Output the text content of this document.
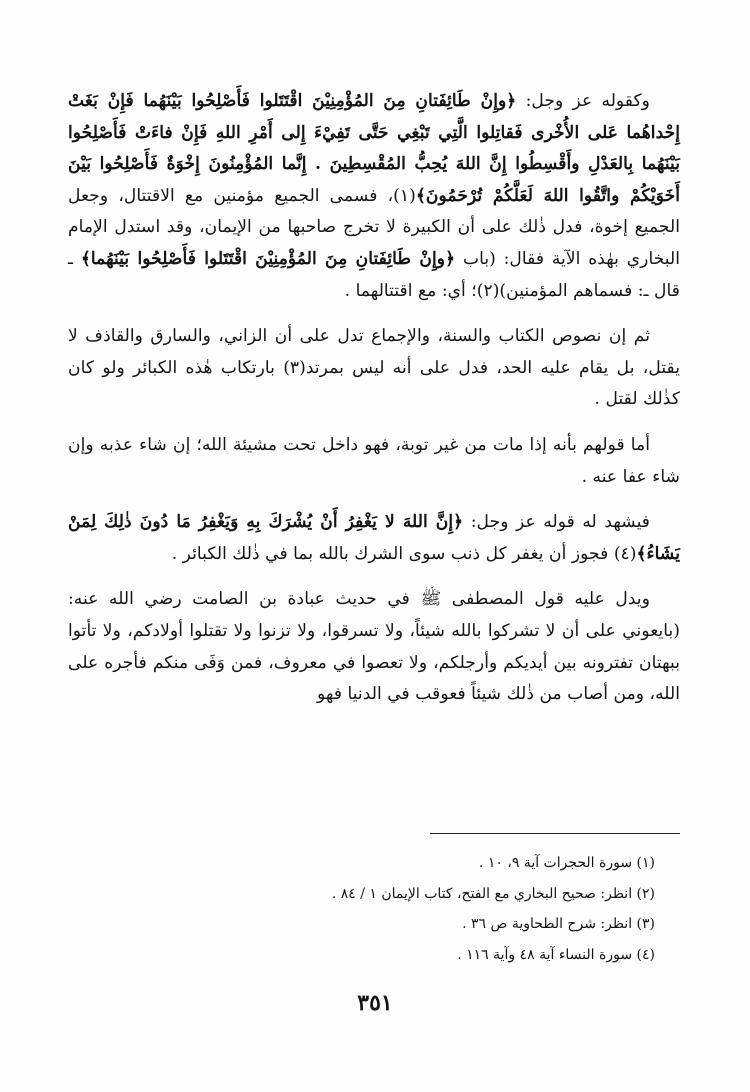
وكقوله عز وجل: ﴿وإِنْ طَائِفَتانِ مِنَ المُؤْمِنِيْنَ اقْتَتَلوا فَأَصْلِحُوا بَيْنَهُما فَإِنْ بَغَتْ إِحْداهُما عَلى الأُخْرى فَقاتِلوا الَّتِي تَبْغِي حَتَّى تَفِيْءَ إِلى أَمْرِ اللهِ فَإِنْ فاءَتْ فَأَصْلِحُوا بَيْنَهُما بِالعَدْلِ وأَقْسِطُوا إِنَّ اللهَ يُحِبُّ المُقْسِطِينَ . إِنَّما المُؤْمِنُونَ إِخْوَةٌ فَأَصْلِحُوا بَيْنَ أَخَوَيْكُمْ واتَّقُوا اللهَ لَعَلَّكُمْ تُرْحَمُونَ﴾(١)، فسمى الجميع مؤمنين مع الاقتتال، وجعل الجميع إخوة، فدل ذٰلك على أن الكبيرة لا تخرج صاحبها من الإيمان، وقد استدل الإمام البخاري بهٰذه الآية فقال: (باب ﴿وإِنْ طَائِفَتانِ مِنَ المُؤْمِنِيْنَ اقْتَتَلوا فَأَصْلِحُوا بَيْنَهُما﴾ ـ قال ـ: فسماهم المؤمنين)(٢)؛ أي: مع اقتتالهما .

ثم إن نصوص الكتاب والسنة، والإجماع تدل على أن الزاني، والسارق والقاذف لا يقتل، بل يقام عليه الحد، فدل على أنه ليس بمرتد(٣) بارتكاب هٰذه الكبائر ولو كان كذٰلك لقتل .

أما قولهم بأنه إذا مات من غير توبة، فهو داخل تحت مشيئة الله؛ إن شاء عذبه وإن شاء عفا عنه .

فيشهد له قوله عز وجل: ﴿إِنَّ اللهَ لا يَغْفِرُ أَنْ يُشْرَكَ بِهِ وَيَغْفِرُ مَا دُونَ ذٰلِكَ لِمَنْ يَشَاءُ﴾(٤) فجوز أن يغفر كل ذنب سوى الشرك بالله بما في ذٰلك الكبائر .

ويدل عليه قول المصطفى ﷺ في حديث عبادة بن الصامت رضي الله عنه: (بايعوني على أن لا تشركوا بالله شيئاً، ولا تسرقوا، ولا تزنوا ولا تقتلوا أولادكم، ولا تأتوا ببهتان تفترونه بين أيديكم وأرجلكم، ولا تعصوا في معروف، فمن وَفَى منكم فأجره على الله، ومن أصاب من ذٰلك شيئاً فعوقب في الدنيا فهو

(١) سورة الحجرات آية ٩، ١٠ .

(٢) انظر: صحيح البخاري مع الفتح، كتاب الإيمان ١ / ٨٤ .

(٣) انظر: شرح الطحاوية ص ٣٦ .

(٤) سورة النساء آية ٤٨ وآية ١١٦ .

٣٥١
